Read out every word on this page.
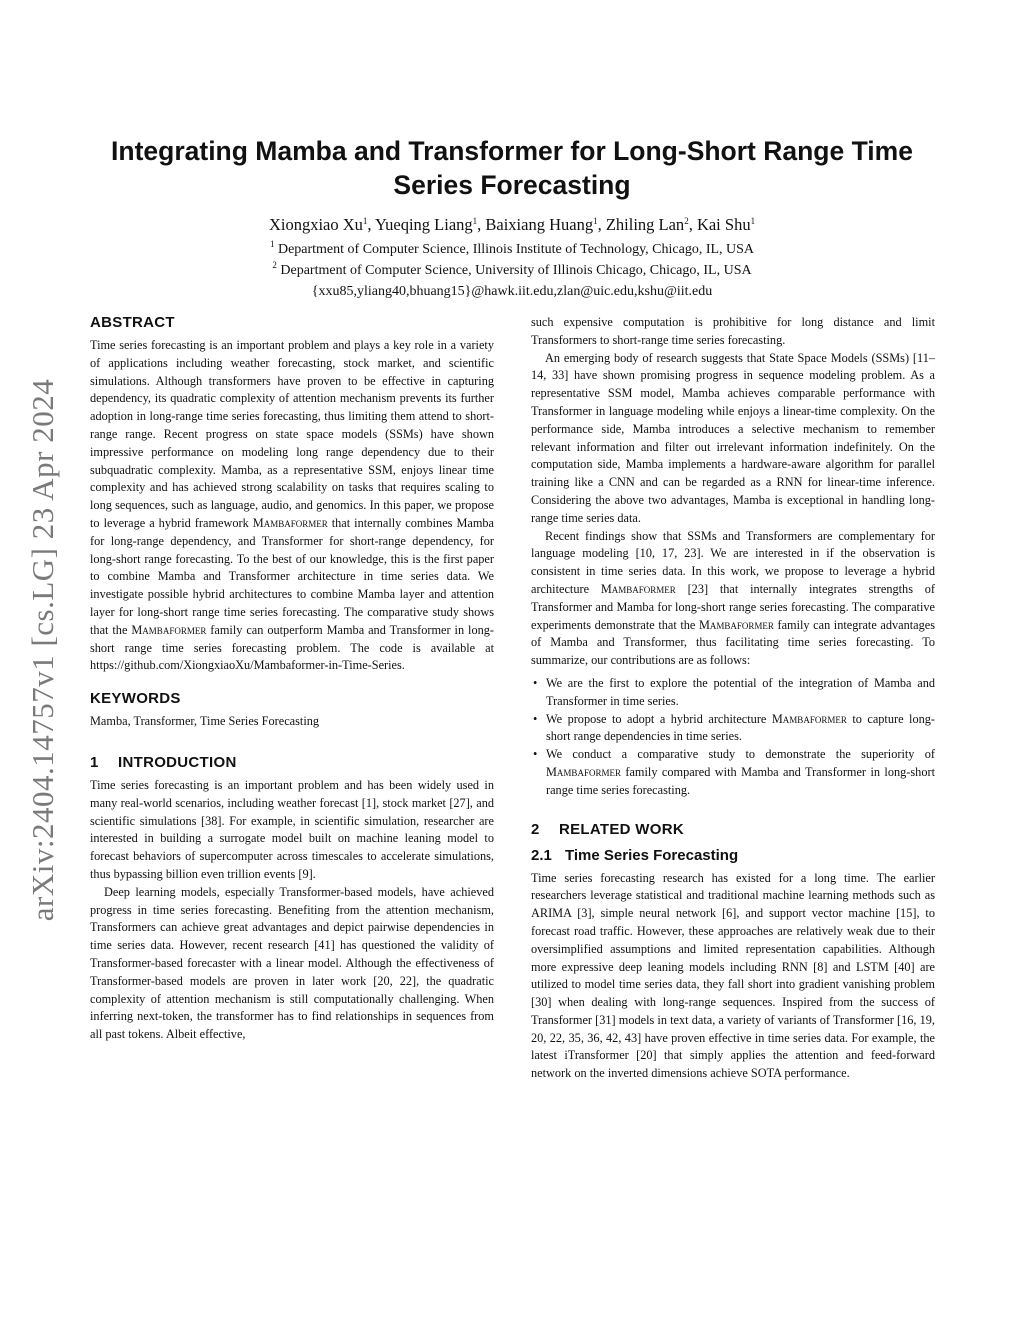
arXiv:2404.14757v1 [cs.LG] 23 Apr 2024
Integrating Mamba and Transformer for Long-Short Range Time Series Forecasting
Xiongxiao Xu$^1$, Yueqing Liang$^1$, Baixiang Huang$^1$, Zhiling Lan$^2$, Kai Shu$^1$
$^1$ Department of Computer Science, Illinois Institute of Technology, Chicago, IL, USA
$^2$ Department of Computer Science, University of Illinois Chicago, Chicago, IL, USA
{xxu85,yliang40,bhuang15}@hawk.iit.edu,zlan@uic.edu,kshu@iit.edu
ABSTRACT

Time series forecasting is an important problem and plays a key role in a variety of applications including weather forecasting, stock market, and scientific simulations. Although transformers have proven to be effective in capturing dependency, its quadratic complexity of attention mechanism prevents its further adoption in long-range time series forecasting, thus limiting them attend to short-range range. Recent progress on state space models (SSMs) have shown impressive performance on modeling long range dependency due to their subquadratic complexity. Mamba, as a representative SSM, enjoys linear time complexity and has achieved strong scalability on tasks that requires scaling to long sequences, such as language, audio, and genomics. In this paper, we propose to leverage a hybrid framework Mambaformer that internally combines Mamba for long-range dependency, and Transformer for short-range dependency, for long-short range forecasting. To the best of our knowledge, this is the first paper to combine Mamba and Transformer architecture in time series data. We investigate possible hybrid architectures to combine Mamba layer and attention layer for long-short range time series forecasting. The comparative study shows that the Mambaformer family can outperform Mamba and Transformer in long-short range time series forecasting problem. The code is available at https://github.com/XiongxiaoXu/Mambaformer-in-Time-Series.

KEYWORDS

Mamba, Transformer, Time Series Forecasting

1 INTRODUCTION

Time series forecasting is an important problem and has been widely used in many real-world scenarios, including weather forecast [1], stock market [27], and scientific simulations [38]. For example, in scientific simulation, researcher are interested in building a surrogate model built on machine leaning model to forecast behaviors of supercomputer across timescales to accelerate simulations, thus bypassing billion even trillion events [9].

Deep learning models, especially Transformer-based models, have achieved progress in time series forecasting. Benefiting from the attention mechanism, Transformers can achieve great advantages and depict pairwise dependencies in time series data. However, recent research [41] has questioned the validity of Transformer-based forecaster with a linear model. Although the effectiveness of Transformer-based models are proven in later work [20, 22], the quadratic complexity of attention mechanism is still computationally challenging. When inferring next-token, the transformer has to find relationships in sequences from all past tokens. Albeit effective,

such expensive computation is prohibitive for long distance and limit Transformers to short-range time series forecasting.

An emerging body of research suggests that State Space Models (SSMs) [11–14, 33] have shown promising progress in sequence modeling problem. As a representative SSM model, Mamba achieves comparable performance with Transformer in language modeling while enjoys a linear-time complexity. On the performance side, Mamba introduces a selective mechanism to remember relevant information and filter out irrelevant information indefinitely. On the computation side, Mamba implements a hardware-aware algorithm for parallel training like a CNN and can be regarded as a RNN for linear-time inference. Considering the above two advantages, Mamba is exceptional in handling long-range time series data.

Recent findings show that SSMs and Transformers are complementary for language modeling [10, 17, 23]. We are interested in if the observation is consistent in time series data. In this work, we propose to leverage a hybrid architecture Mambaformer [23] that internally integrates strengths of Transformer and Mamba for long-short range series forecasting. The comparative experiments demonstrate that the Mambaformer family can integrate advantages of Mamba and Transformer, thus facilitating time series forecasting. To summarize, our contributions are as follows:

• We are the first to explore the potential of the integration of Mamba and Transformer in time series.
• We propose to adopt a hybrid architecture Mambaformer to capture long-short range dependencies in time series.
• We conduct a comparative study to demonstrate the superiority of Mambaformer family compared with Mamba and Transformer in long-short range time series forecasting.
2 RELATED WORK
2.1 Time Series Forecasting

Time series forecasting research has existed for a long time. The earlier researchers leverage statistical and traditional machine learning methods such as ARIMA [3], simple neural network [6], and support vector machine [15], to forecast road traffic. However, these approaches are relatively weak due to their oversimplified assumptions and limited representation capabilities. Although more expressive deep leaning models including RNN [8] and LSTM [40] are utilized to model time series data, they fall short into gradient vanishing problem [30] when dealing with long-range sequences. Inspired from the success of Transformer [31] models in text data, a variety of variants of Transformer [16, 19, 20, 22, 35, 36, 42, 43] have proven effective in time series data. For example, the latest iTransformer [20] that simply applies the attention and feed-forward network on the inverted dimensions achieve SOTA performance.
